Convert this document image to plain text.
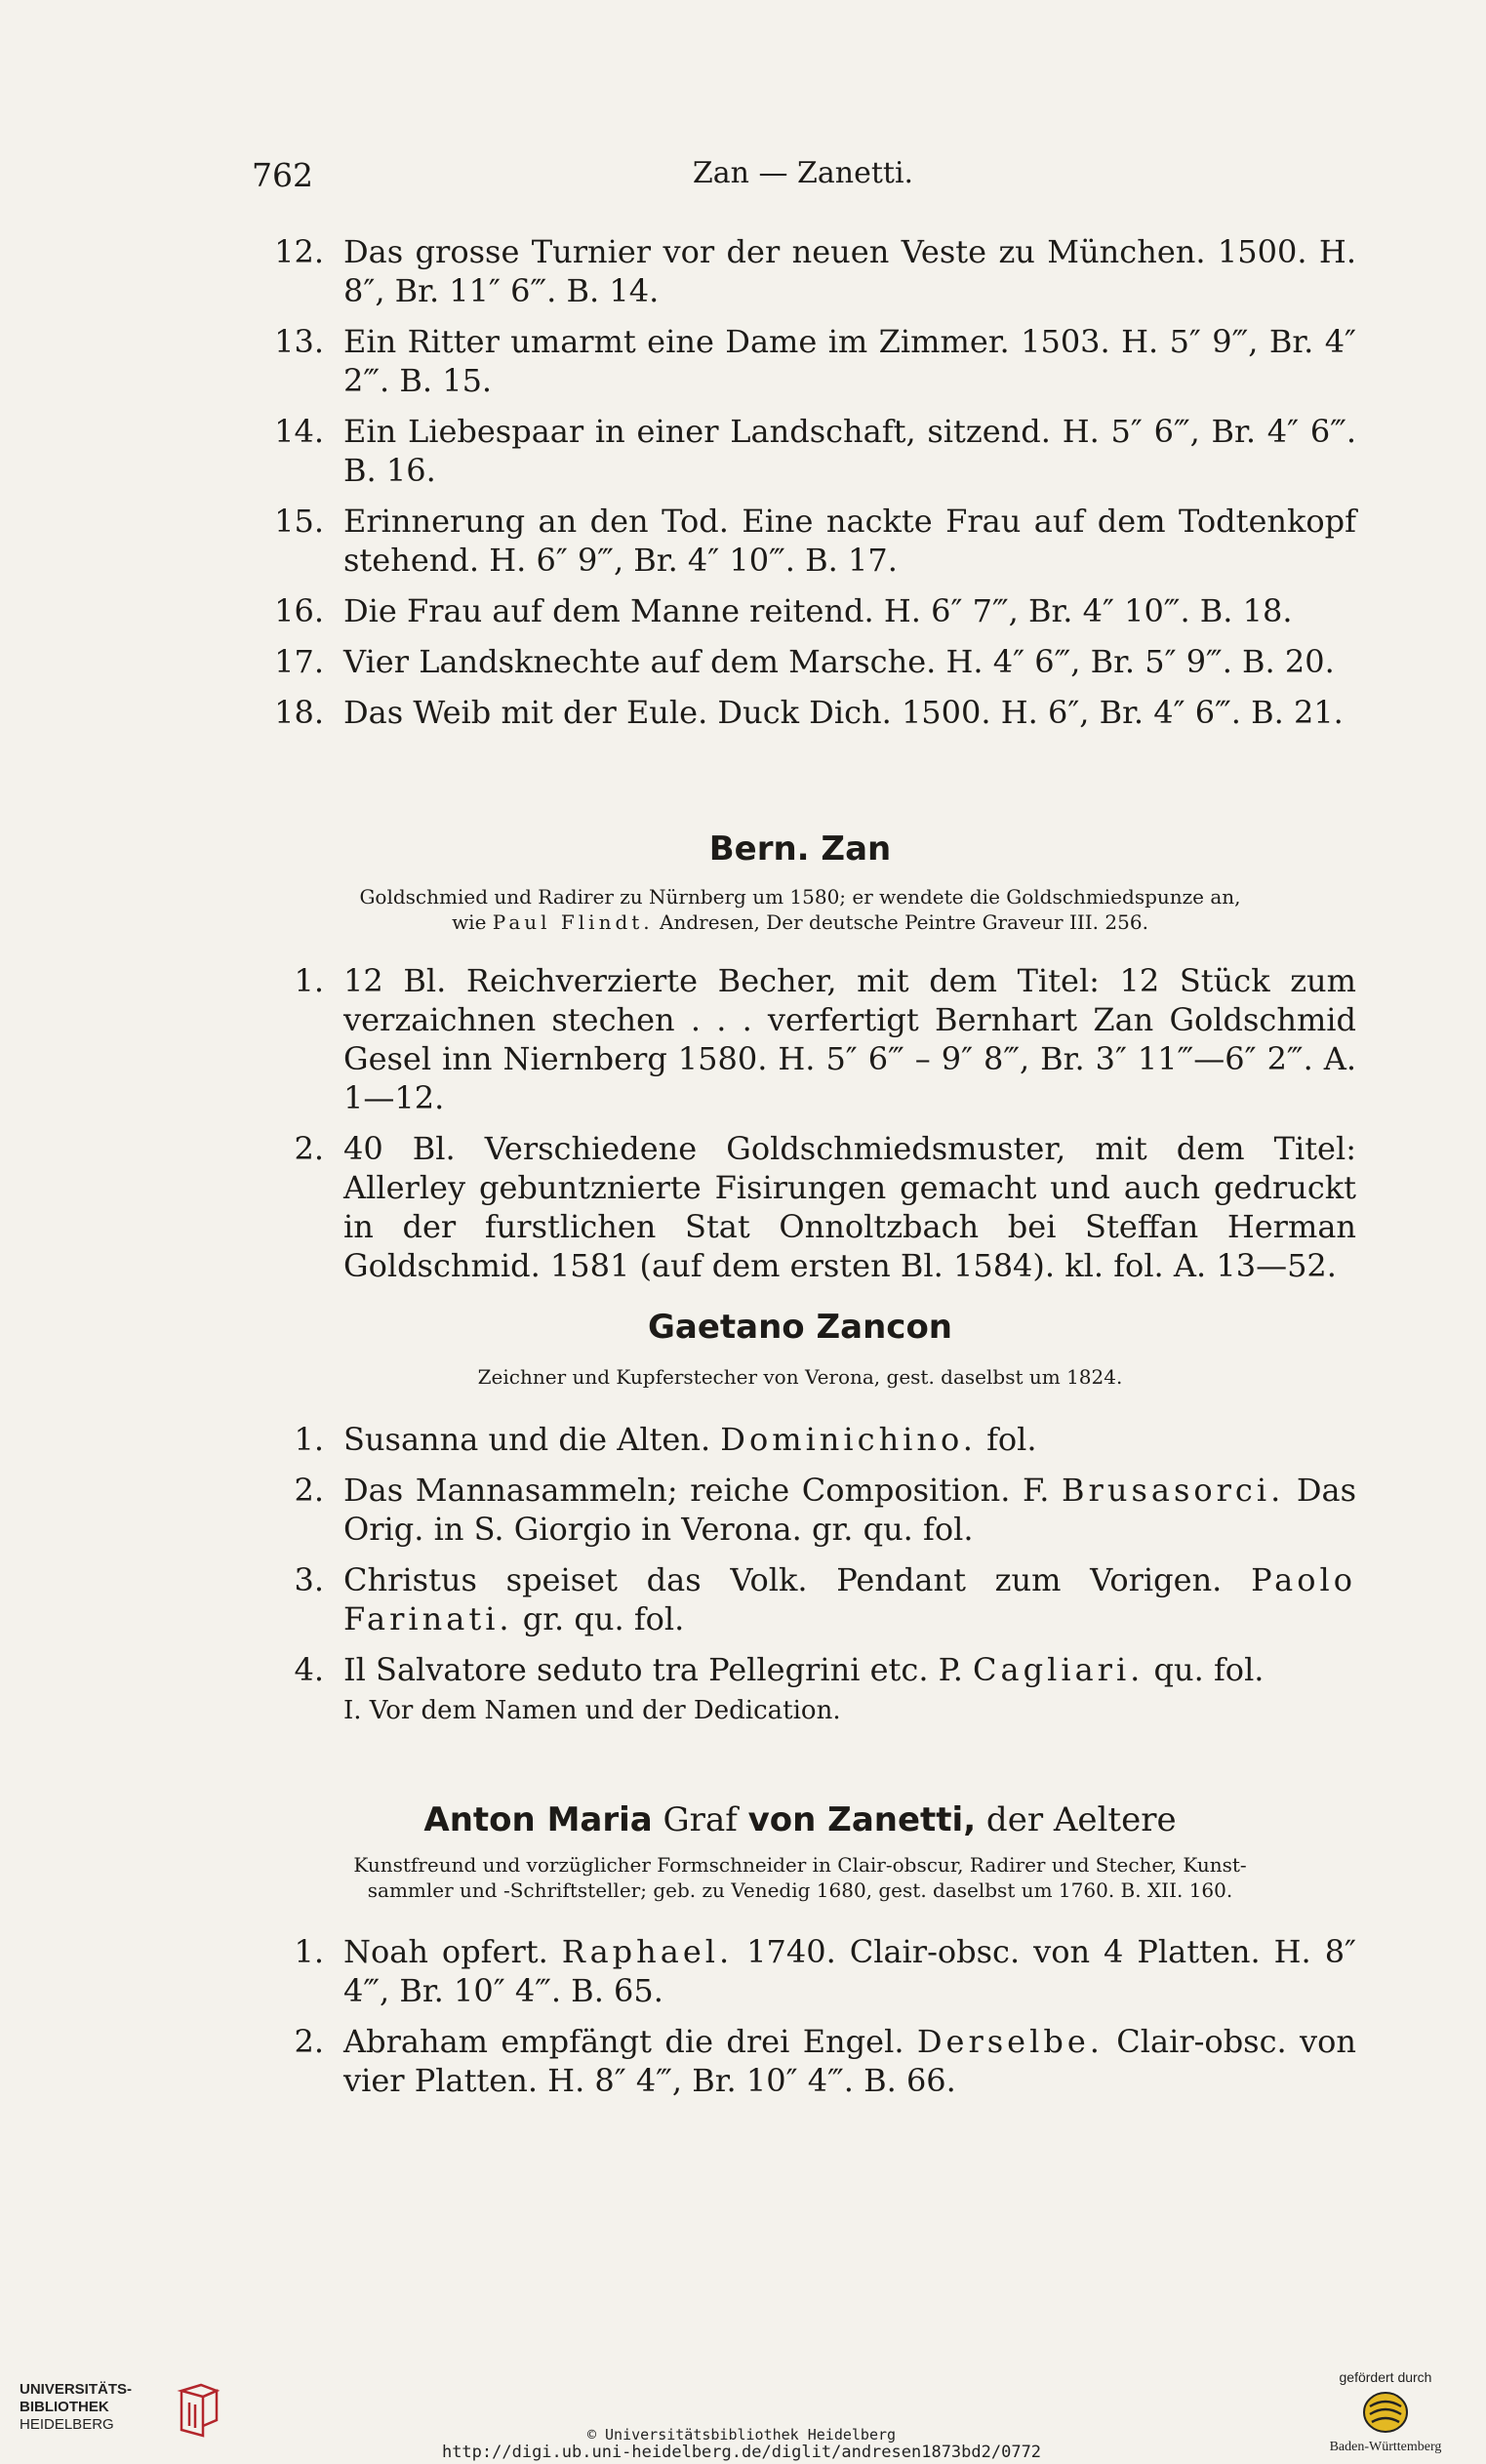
762	Zan — Zanetti.
12. Das grosse Turnier vor der neuen Veste zu München. 1500. H. 8″, Br. 11″ 6‴. B. 14.
13. Ein Ritter umarmt eine Dame im Zimmer. 1503. H. 5″ 9‴, Br. 4″ 2‴. B. 15.
14. Ein Liebespaar in einer Landschaft, sitzend. H. 5″ 6‴, Br. 4″ 6‴. B. 16.
15. Erinnerung an den Tod. Eine nackte Frau auf dem Todtenkopf stehend. H. 6″ 9‴, Br. 4″ 10‴. B. 17.
16. Die Frau auf dem Manne reitend. H. 6″ 7‴, Br. 4″ 10‴. B. 18.
17. Vier Landsknechte auf dem Marsche. H. 4″ 6‴, Br. 5″ 9‴. B. 20.
18. Das Weib mit der Eule. Duck Dich. 1500. H. 6″, Br. 4″ 6‴. B. 21.
Bern. Zan
Goldschmied und Radirer zu Nürnberg um 1580; er wendete die Goldschmiedspunze an,
wie Paul Flindt. Andresen, Der deutsche Peintre Graveur III. 256.
1. 12 Bl. Reichverzierte Becher, mit dem Titel: 12 Stück zum verzaichnen stechen . . . verfertigt Bernhart Zan Goldschmid Gesel inn Niernberg 1580. H. 5″ 6‴ – 9″ 8‴, Br. 3″ 11‴—6″ 2‴. A. 1—12.
2. 40 Bl. Verschiedene Goldschmiedsmuster, mit dem Titel: Allerley gebuntznierte Fisirungen gemacht und auch gedruckt in der furstlichen Stat Onnoltzbach bei Steffan Herman Goldschmid. 1581 (auf dem ersten Bl. 1584). kl. fol. A. 13—52.
Gaetano Zancon
Zeichner und Kupferstecher von Verona, gest. daselbst um 1824.
1. Susanna und die Alten. Dominichino. fol.
2. Das Mannasammeln; reiche Composition. F. Brusasorci. Das Orig. in S. Giorgio in Verona. gr. qu. fol.
3. Christus speiset das Volk. Pendant zum Vorigen. Paolo Farinati. gr. qu. fol.
4. Il Salvatore seduto tra Pellegrini etc. P. Cagliari. qu. fol.
I. Vor dem Namen und der Dedication.
Anton Maria Graf von Zanetti, der Aeltere
Kunstfreund und vorzüglicher Formschneider in Clair-obscur, Radirer und Stecher, Kunst-
sammler und -Schriftsteller; geb. zu Venedig 1680, gest. daselbst um 1760. B. XII. 160.
1. Noah opfert. Raphael. 1740. Clair-obsc. von 4 Platten. H. 8″ 4‴, Br. 10″ 4‴. B. 65.
2. Abraham empfängt die drei Engel. Derselbe. Clair-obsc. von vier Platten. H. 8″ 4‴, Br. 10″ 4‴. B. 66.
UNIVERSITÄTS-
BIBLIOTHEK
HEIDELBERG
© Universitätsbibliothek Heidelberg
http://digi.ub.uni-heidelberg.de/diglit/andresen1873bd2/0772
gefördert durch
Baden-Württemberg
